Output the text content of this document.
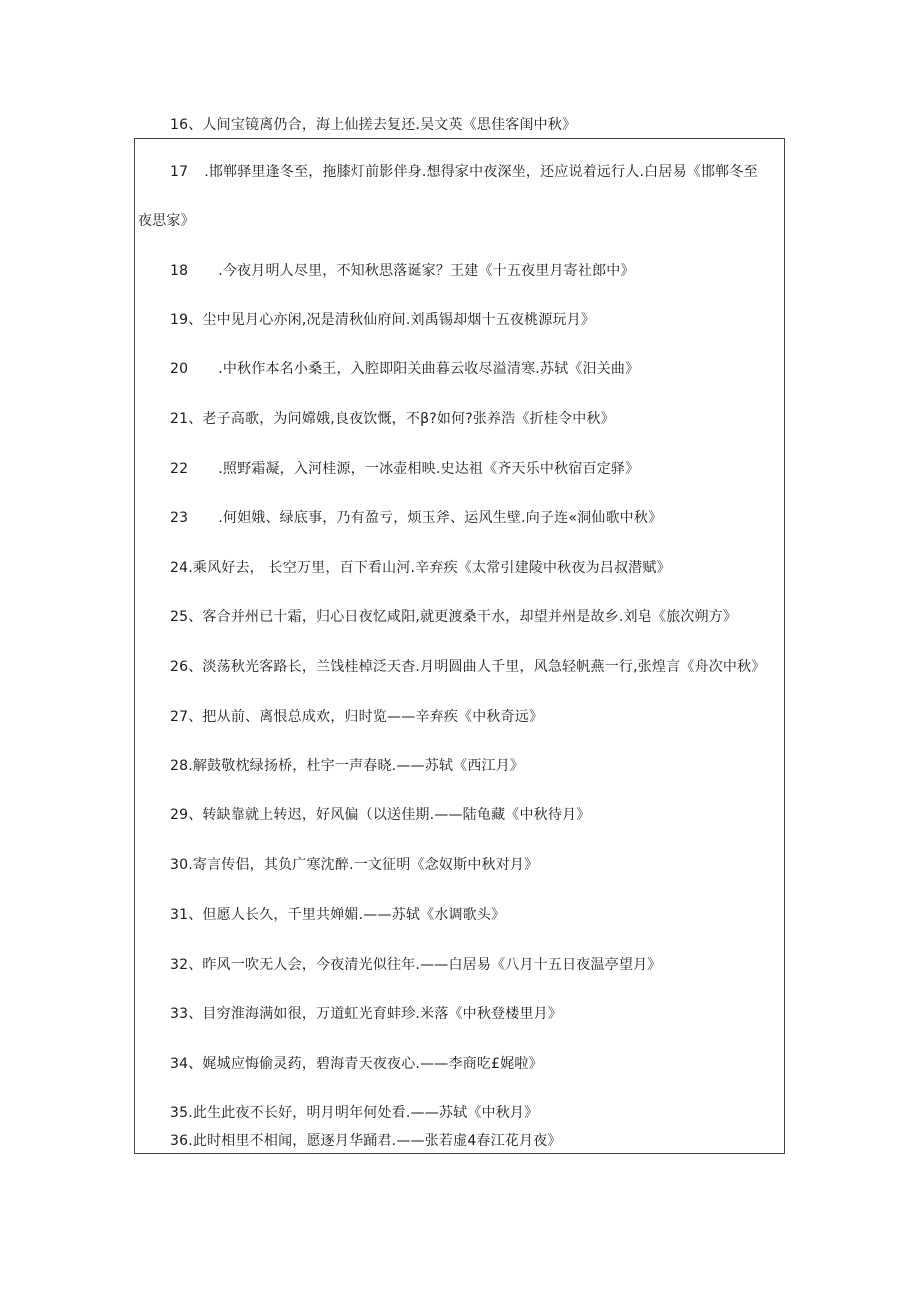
16、人间宝镜离仍合，海上仙搓去复还.吴文英《思佳客闺中秋》
17 .邯郸驿里逢冬至，拖膝灯前影伴身.想得家中夜深坐，还应说着远行人.白居易《邯郸冬至
夜思家》
18 .今夜月明人尽里，不知秋思落诞家？王建《十五夜里月寄社郎中》
19、尘中见月心亦闲,况是清秋仙府间.刘禹锡却烟十五夜桃源玩月》
20 .中秋作本名小桑王，入腔即阳关曲暮云收尽溢清寒.苏轼《汨关曲》
21、老子高歌，为问嫦娥,良夜饮慨，不β?如何?张养浩《折桂令中秋》
22 .照野霜凝，入河桂源，一冰壶相映.史达祖《齐天乐中秋宿百定驿》
23 .何妲娥、绿底事，乃有盈亏，烦玉斧、运风生壁.向子连«洞仙歌中秋》
24.乘风好去， 长空万里，百下看山河.辛弃疾《太常引建陵中秋夜为吕叔潜赋》
25、客合并州已十霜，归心日夜忆咸阳,就更渡桑干水，却望并州是故乡.刘皂《旅次朔方》
26、淡荡秋光客路长，兰饯桂棹泛天杳.月明圆曲人千里，风急轻帆燕一行,张煌言《舟次中秋》
27、把从前、离恨总成欢，归时览——辛弃疾《中秋奇远》
28.解鼓敬枕绿扬桥，杜宇一声春晓.——苏轼《西江月》
29、转缺靠就上转迟，好风偏（以送佳期.——陆龟藏《中秋待月》
30.寄言传侣，其负广寒沈醉.一文征明《念奴斯中秋对月》
31、但愿人长久，千里共婵媚.——苏轼《水调歌头》
32、昨风一吹无人会，今夜清光似往年.——白居易《八月十五日夜温亭望月》
33、目穷淮海满如很，万道虹光育蚌珍.米落《中秋登楼里月》
34、娓城应悔偷灵药，碧海青天夜夜心.——李商吃£娓啦》
35.此生此夜不长好，明月明年何处看.——苏轼《中秋月》
36.此时相里不相闻，愿逐月华踊君.——张若虚4春江花月夜》
